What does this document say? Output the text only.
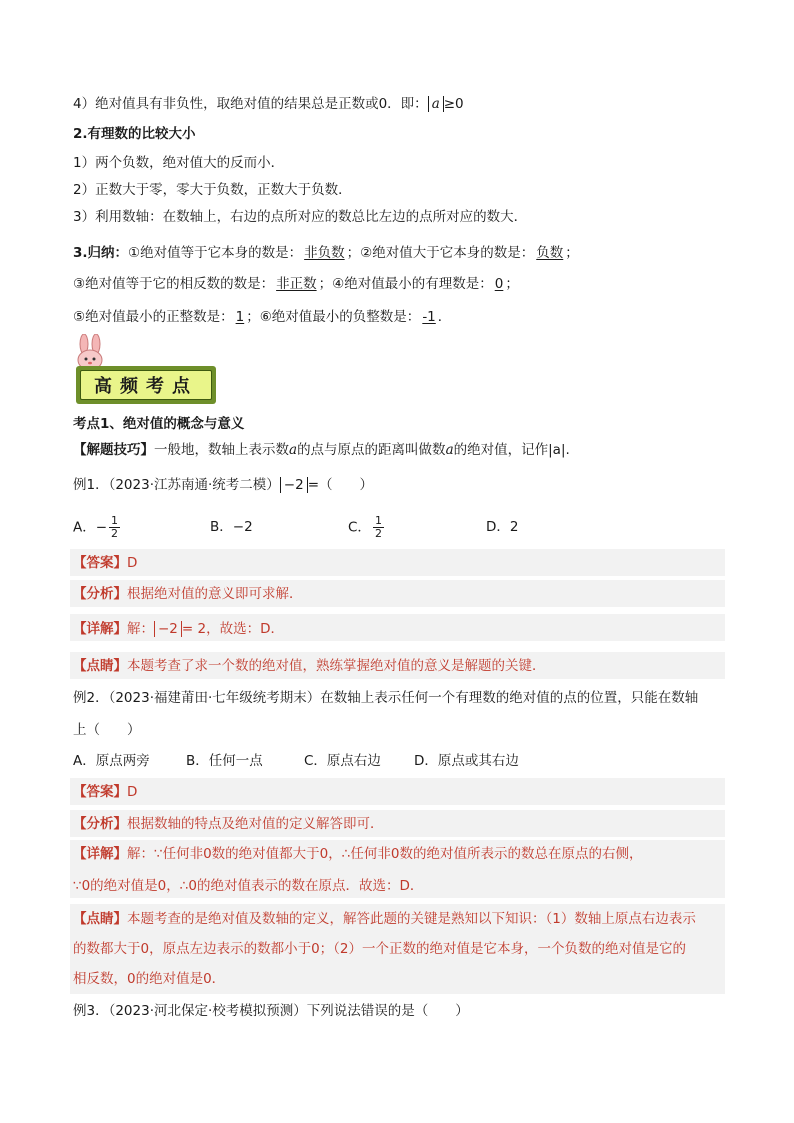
4）绝对值具有非负性，取绝对值的结果总是正数或0．即： a ≥0
2.有理数的比较大小
1）两个负数，绝对值大的反而小．
2）正数大于零，零大于负数，正数大于负数．
3）利用数轴：在数轴上，右边的点所对应的数总比左边的点所对应的数大．
3.归纳：①绝对值等于它本身的数是： 非负数 ；②绝对值大于它本身的数是： 负数 ；
③绝对值等于它的相反数的数是： 非正数 ；④绝对值最小的有理数是： 0 ；
⑤绝对值最小的正整数是： 1 ；⑥绝对值最小的负整数是： -1 ．
高频考点
考点1、绝对值的概念与意义
【解题技巧】一般地，数轴上表示数a的点与原点的距离叫做数a的绝对值，记作|a|.
例1．（2023·江苏南通·统考二模） −2 =（　　）
A．− $\frac{1}{2}$	B．−2	C． $\frac{1}{2}$	D．2
【答案】D
【分析】根据绝对值的意义即可求解．
【详解】解： −2 = 2，故选：D．
【点睛】本题考查了求一个数的绝对值，熟练掌握绝对值的意义是解题的关键．
例2．（2023·福建莆田·七年级统考期末）在数轴上表示任何一个有理数的绝对值的点的位置，只能在数轴
上（　　）
A．原点两旁	B．任何一点	C．原点右边 D．原点或其右边
【答案】D
【分析】根据数轴的特点及绝对值的定义解答即可．
【详解】解：∵任何非0数的绝对值都大于0，∴任何非0数的绝对值所表示的数总在原点的右侧，
∵0的绝对值是0，∴0的绝对值表示的数在原点．故选：D．
【点睛】本题考查的是绝对值及数轴的定义，解答此题的关键是熟知以下知识：（1）数轴上原点右边表示
的数都大于0，原点左边表示的数都小于0；（2）一个正数的绝对值是它本身，一个负数的绝对值是它的
相反数，0的绝对值是0．
例3．（2023·河北保定·校考模拟预测）下列说法错误的是（　　）
